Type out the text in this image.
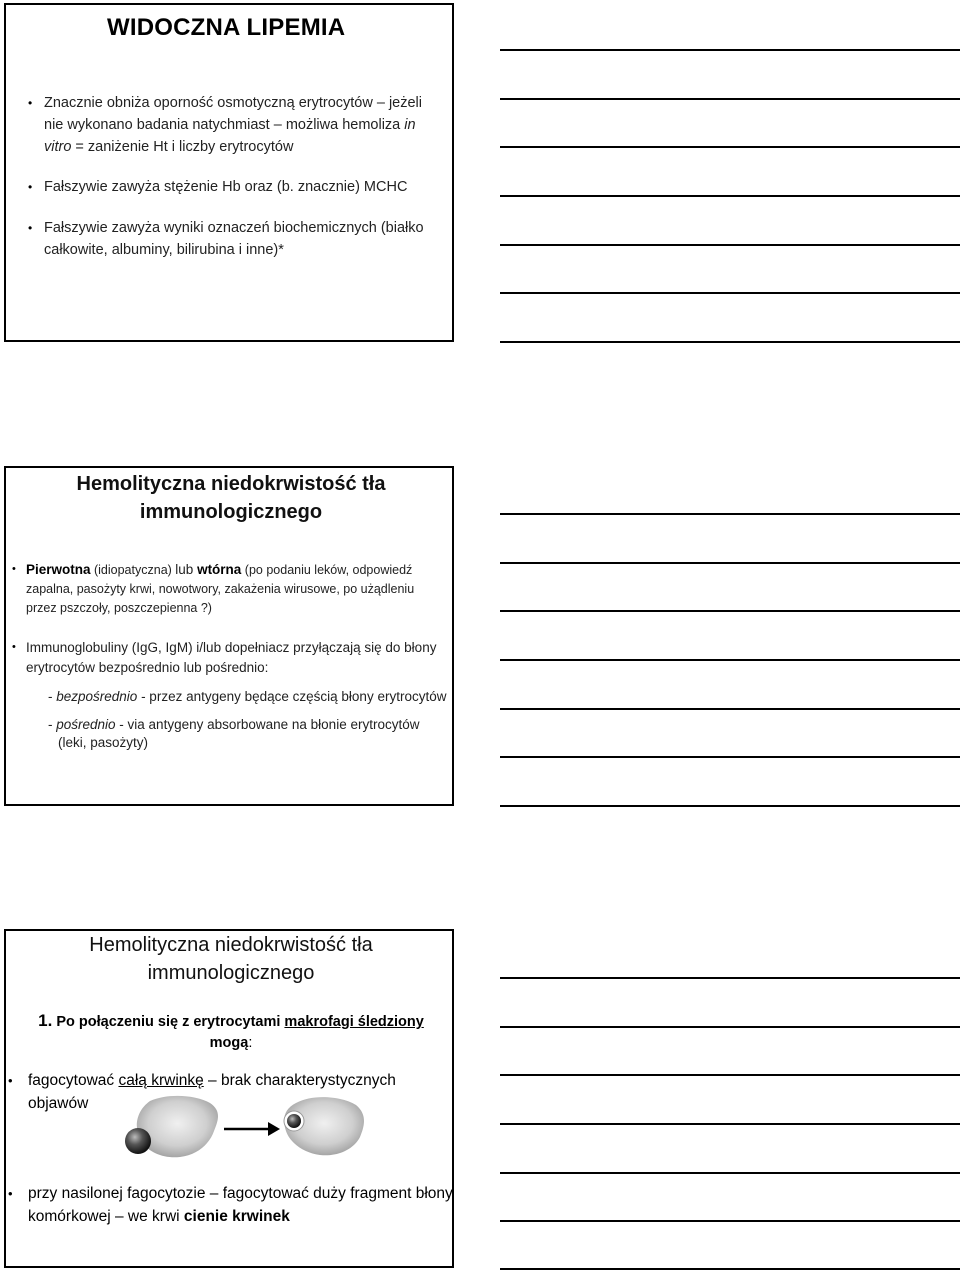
WIDOCZNA LIPEMIA
• Znacznie obniża oporność osmotyczną erytrocytów – jeżeli nie wykonano badania natychmiast – możliwa hemoliza in vitro = zaniżenie Ht i liczby erytrocytów
• Fałszywie zawyża stężenie Hb oraz (b. znacznie) MCHC
• Fałszywie zawyża wyniki oznaczeń biochemicznych (białko całkowite, albuminy, bilirubina i inne)*
Hemolityczna niedokrwistość tła
immunologicznego
• Pierwotna (idiopatyczna) lub wtórna (po podaniu leków, odpowiedź zapalna, pasożyty krwi, nowotwory, zakażenia wirusowe, po użądleniu przez pszczoły, poszczepienna ?)
• Immunoglobuliny (IgG, IgM) i/lub dopełniacz przyłączają się do błony erytrocytów bezpośrednio lub pośrednio:
- bezpośrednio - przez antygeny będące częścią błony erytrocytów
- pośrednio - via antygeny absorbowane na błonie erytrocytów (leki, pasożyty)
Hemolityczna niedokrwistość tła
immunologicznego

1. Po połączeniu się z erytrocytami makrofagi śledziony
mogą:

• fagocytować całą krwinkę – brak charakterystycznych objawów

• przy nasilonej fagocytozie – fagocytować duży fragment błony komórkowej – we krwi cienie krwinek
